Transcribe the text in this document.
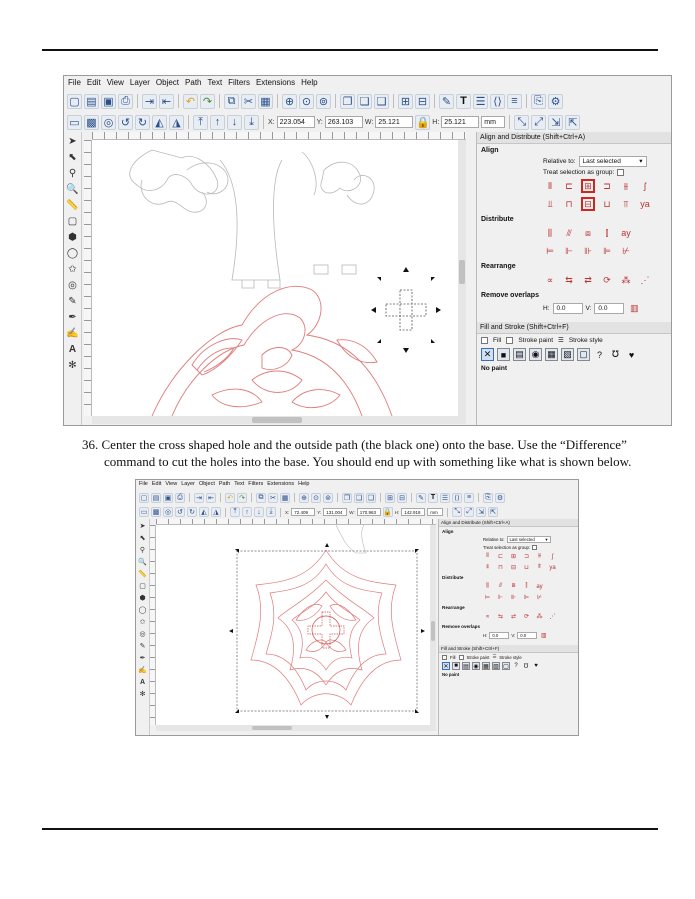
File Edit View Layer Object Path Text Filters Extensions Help
▢ ▤ ▣ ⎙ ⇥ ⇤ ↶ ↷	⧉ ✂ ▦ ⊕ ⊙ ⊚ ❐ ❏ ❑ ⊞ ⊟ ✎ T ☰ ⟨⟩ ≡	⎘ ⚙
▭ ▩ ◎ ↺ ↻ ◭ ◮	⤒	↑	↓	⤓	X: 223.054	Y: 263.103	W: 25.121	🔒 H: 25.121	mm	⤡ ⤢ ⇲ ⇱
➤
⬉
⚲
🔍
📏
▢
⬢
◯
✩
◎
✎
✒
✍
A
✻
Align and Distribute (Shift+Ctrl+A)
Align
Relative to: Last selected	▾
Treat selection as group:
⫴	⊏	⊞	⊐	⫵	ʃ
⫫	⊓	⊟	⊔	⫪	ya
Distribute
⫼	⫻	⧈	⫿	ay
⊨	⊩	⊪	⊫	⊬
Rearrange
∝	⇆	⇄	⟳	⁂ ⋰
Remove overlaps
H: 0.0	V: 0.0	▥
Fill and Stroke (Shift+Ctrl+F)
Fill	Stroke paint ☰ Stroke style
✕	■	▤ ◉ ▦ ▧ ▢	?	℧	♥
No paint
36. Center the cross shaped hole and the outside path (the black one) onto the base. Use the “Difference” command to cut the holes into the base. You should end up with something like what is shown below.
File Edit View Layer Object Path Text Filters Extensions Help
▢ ▤ ▣ ⎙	⇥ ⇤ ↶ ↷	⧉ ✂ ▦ ⊕ ⊙ ⊚ ❐ ❏ ❑ ⊞ ⊟ ✎ T ☰ ⟨⟩	≡	⎘ ⚙
▭ ▩ ◎ ↺ ↻ ◭ ◮	⤒	↑	↓	⤓	X:	72.409	Y:	131.004	W:	170.963	🔒 H:	142.918	mm	⤡ ⤢ ⇲ ⇱
➤
⬉
⚲
🔍
📏
▢
⬢
◯
✩
◎
✎
✒
✍
A
✻
Align and Distribute (Shift+Ctrl+A)
Align
Relative to: Last selected ▾
Treat selection as group:
⫴	⊏	⊞	⊐	⫵	ʃ
⫫	⊓	⊟	⊔	⫪	ya
Distribute
⫼	⫻	⧈	⫿	ay
⊨	⊩	⊪	⊫	⊬
Rearrange
∝	⇆	⇄	⟳	⁂ ⋰
Remove overlaps
H: 0.0	V: 0.0 ▥
Fill and Stroke (Shift+Ctrl+F)
Fill	Stroke paint ☰ Stroke style
✕ ■ ▤ ◉ ▦ ▧ ▢ ?	℧ ♥
No paint
